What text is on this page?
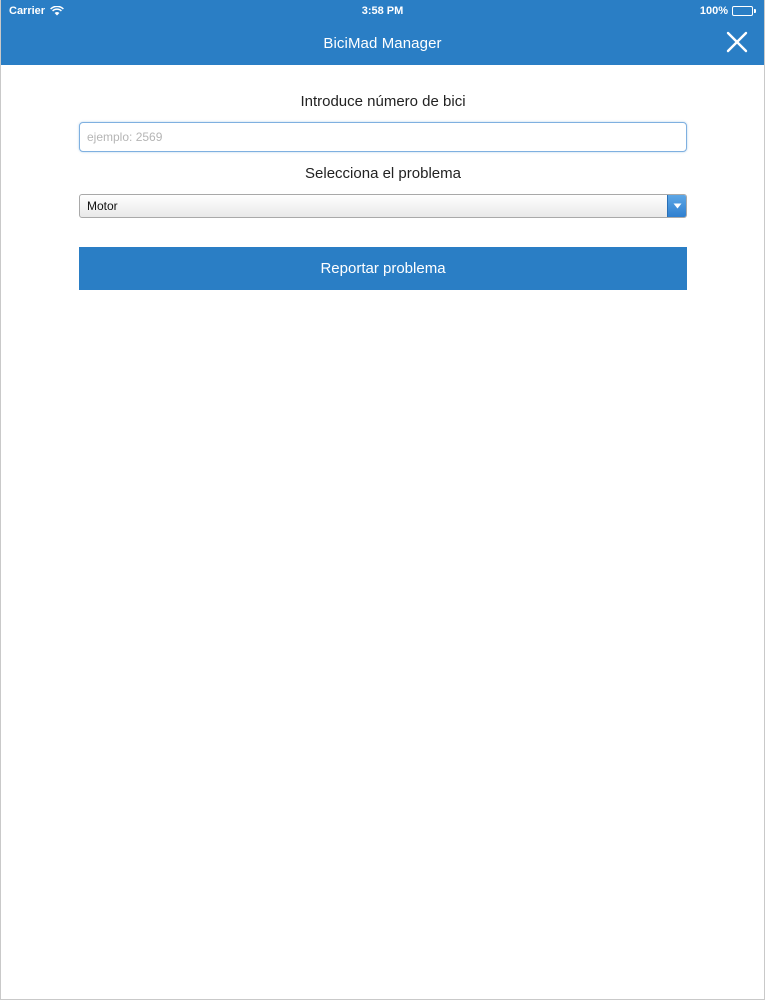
Carrier	3:58 PM	100%
BiciMad Manager
Introduce número de bici
ejemplo: 2569
Selecciona el problema
Motor
Reportar problema
